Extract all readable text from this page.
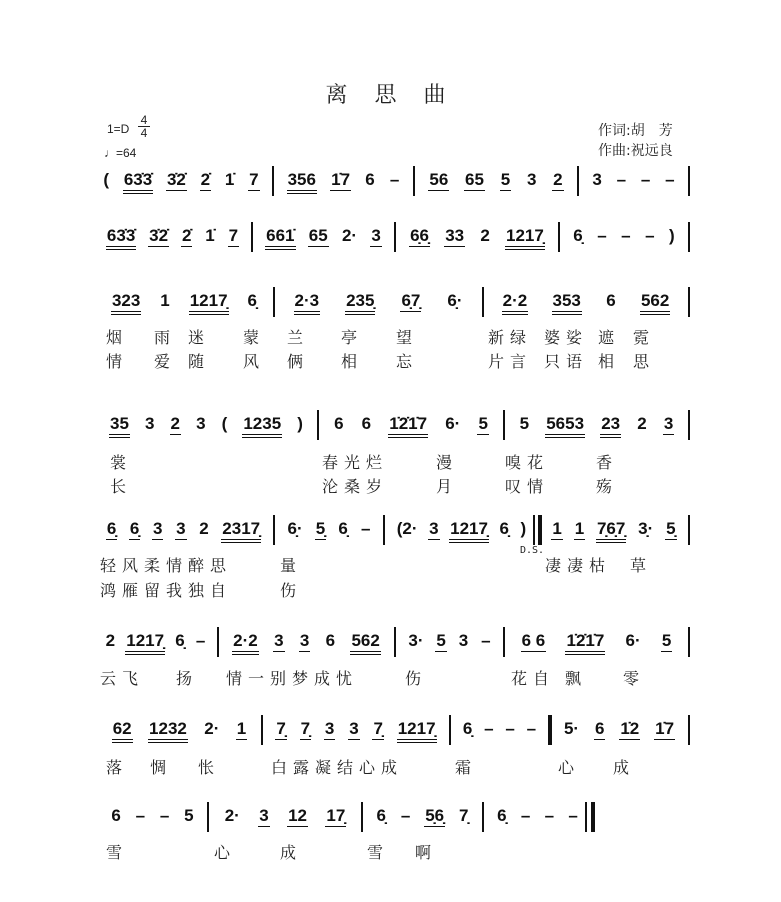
离 思 曲
1=D
4
4
♩=64
作词:胡　芳
作曲:祝远良
D.S.
( 63̇3̇ 3̇2̇ 2̇ 1̇ 7 356 1̇7 6 – 56 65 5 3 2 3 – – –
63̇3̇ 3̇2̇ 2̇ 1̇ 7 661̇ 65 2· 3 6̣6̣ 33 2 1217̣ 6̣ – – – )
323 1 1217̣ 6̣ 2·3 235̣ 6̣7̣ 6̣· 2·2 353 6 562
烟 雨 迷 蒙 兰 亭 望	新绿 婆娑 遮 霓
情 爱 随 风 俩 相 忘	片言 只语 相 思
35 3 2 3 ( 1235 ) 6 6 1̇2̇1̇7 6· 5 5 5653 23 2 3
裳	春光烂	漫	嗅花	香
长	沦桑岁	月	叹情	殇
6̣ 6̣ 3 3 2 2317̣ 6̣· 5̣ 6̣ – (2· 3 1217̣ 6̣ ) 1 1 7̣6̣7̣ 3̣· 5̣
轻风柔情醉思	量	凄凄枯 草
鸿雁留我独自	伤
2 1217̣ 6̣ – 2·2 3 3 6 562 3· 5 3 – 6 6 1̇2̇1̇7 6· 5
云飞 扬 情一别梦成忧	伤	花自 飘 零
62 1232 2· 1 7̣ 7̣ 3 3 7̣ 1217̣ 6̣ – – – 5· 6 1̇2 1̇7
落 惆 怅	白露凝结心成	霜	心 成
6 – – 5 2· 3 12 17̣ 6̣ – 5̣6̣ 7̣ 6̣ – – –
雪	心	成	雪 啊
